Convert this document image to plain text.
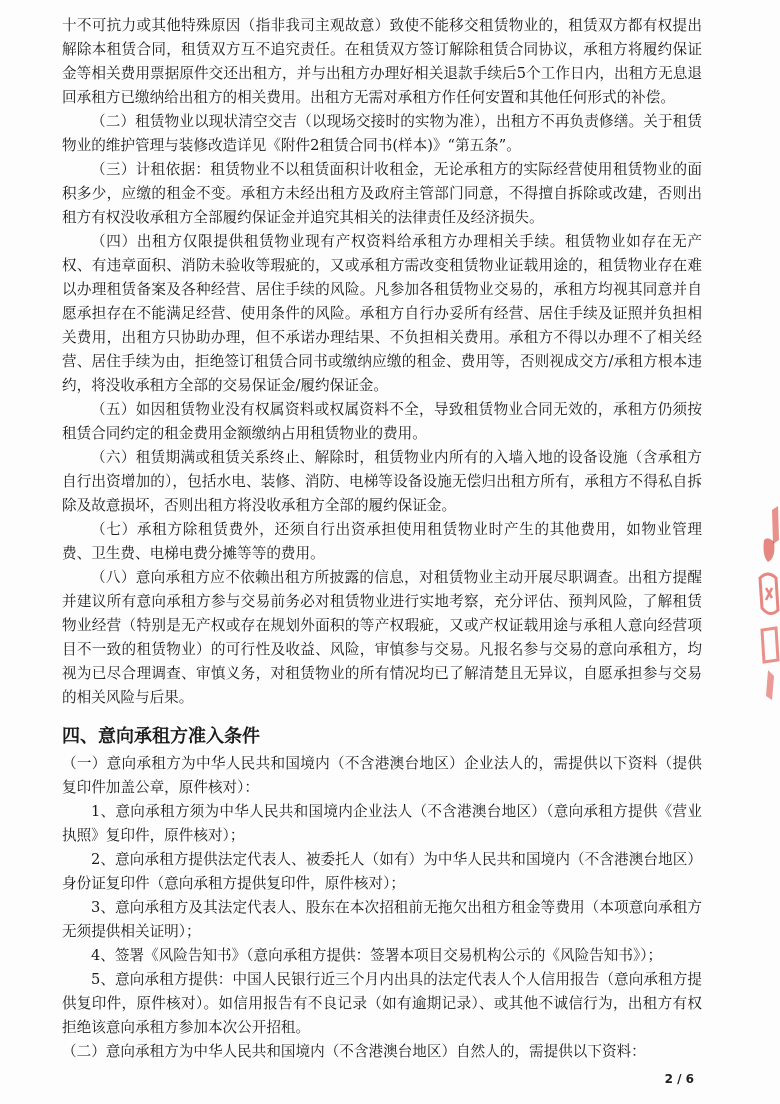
十不可抗力或其他特殊原因（指非我司主观故意）致使不能移交租赁物业的，租赁双方都有权提出解除本租赁合同，租赁双方互不追究责任。在租赁双方签订解除租赁合同协议，承租方将履约保证金等相关费用票据原件交还出租方，并与出租方办理好相关退款手续后5个工作日内，出租方无息退回承租方已缴纳给出租方的相关费用。出租方无需对承租方作任何安置和其他任何形式的补偿。

（二）租赁物业以现状清空交吉（以现场交接时的实物为准），出租方不再负责修缮。关于租赁物业的维护管理与装修改造详见《附件2租赁合同书(样本)》“第五条”。

（三）计租依据：租赁物业不以租赁面积计收租金，无论承租方的实际经营使用租赁物业的面积多少，应缴的租金不变。承租方未经出租方及政府主管部门同意，不得擅自拆除或改建，否则出租方有权没收承租方全部履约保证金并追究其相关的法律责任及经济损失。

（四）出租方仅限提供租赁物业现有产权资料给承租方办理相关手续。租赁物业如存在无产权、有违章面积、消防未验收等瑕疵的，又或承租方需改变租赁物业证载用途的，租赁物业存在难以办理租赁备案及各种经营、居住手续的风险。凡参加各租赁物业交易的，承租方均视其同意并自愿承担存在不能满足经营、使用条件的风险。承租方自行办妥所有经营、居住手续及证照并负担相关费用，出租方只协助办理，但不承诺办理结果、不负担相关费用。承租方不得以办理不了相关经营、居住手续为由，拒绝签订租赁合同书或缴纳应缴的租金、费用等，否则视成交方/承租方根本违约，将没收承租方全部的交易保证金/履约保证金。

（五）如因租赁物业没有权属资料或权属资料不全，导致租赁物业合同无效的，承租方仍须按租赁合同约定的租金费用金额缴纳占用租赁物业的费用。

（六）租赁期满或租赁关系终止、解除时，租赁物业内所有的入墙入地的设备设施（含承租方自行出资增加的），包括水电、装修、消防、电梯等设备设施无偿归出租方所有，承租方不得私自拆除及故意损坏，否则出租方将没收承租方全部的履约保证金。

（七）承租方除租赁费外，还须自行出资承担使用租赁物业时产生的其他费用，如物业管理费、卫生费、电梯电费分摊等等的费用。

（八）意向承租方应不依赖出租方所披露的信息，对租赁物业主动开展尽职调查。出租方提醒并建议所有意向承租方参与交易前务必对租赁物业进行实地考察，充分评估、预判风险，了解租赁物业经营（特别是无产权或存在规划外面积的等产权瑕疵，又或产权证载用途与承租人意向经营项目不一致的租赁物业）的可行性及收益、风险，审慎参与交易。凡报名参与交易的意向承租方，均视为已尽合理调查、审慎义务，对租赁物业的所有情况均已了解清楚且无异议，自愿承担参与交易的相关风险与后果。

四、意向承租方准入条件

（一）意向承租方为中华人民共和国境内（不含港澳台地区）企业法人的，需提供以下资料（提供复印件加盖公章，原件核对）：

1、意向承租方须为中华人民共和国境内企业法人（不含港澳台地区）（意向承租方提供《营业执照》复印件，原件核对）；

2、意向承租方提供法定代表人、被委托人（如有）为中华人民共和国境内（不含港澳台地区）身份证复印件（意向承租方提供复印件，原件核对）；

3、意向承租方及其法定代表人、股东在本次招租前无拖欠出租方租金等费用（本项意向承租方无须提供相关证明）；

4、签署《风险告知书》（意向承租方提供：签署本项目交易机构公示的《风险告知书》）；

5、意向承租方提供：中国人民银行近三个月内出具的法定代表人个人信用报告（意向承租方提供复印件，原件核对）。如信用报告有不良记录（如有逾期记录）、或其他不诚信行为，出租方有权拒绝该意向承租方参加本次公开招租。

（二）意向承租方为中华人民共和国境内（不含港澳台地区）自然人的，需提供以下资料：

2 / 6
